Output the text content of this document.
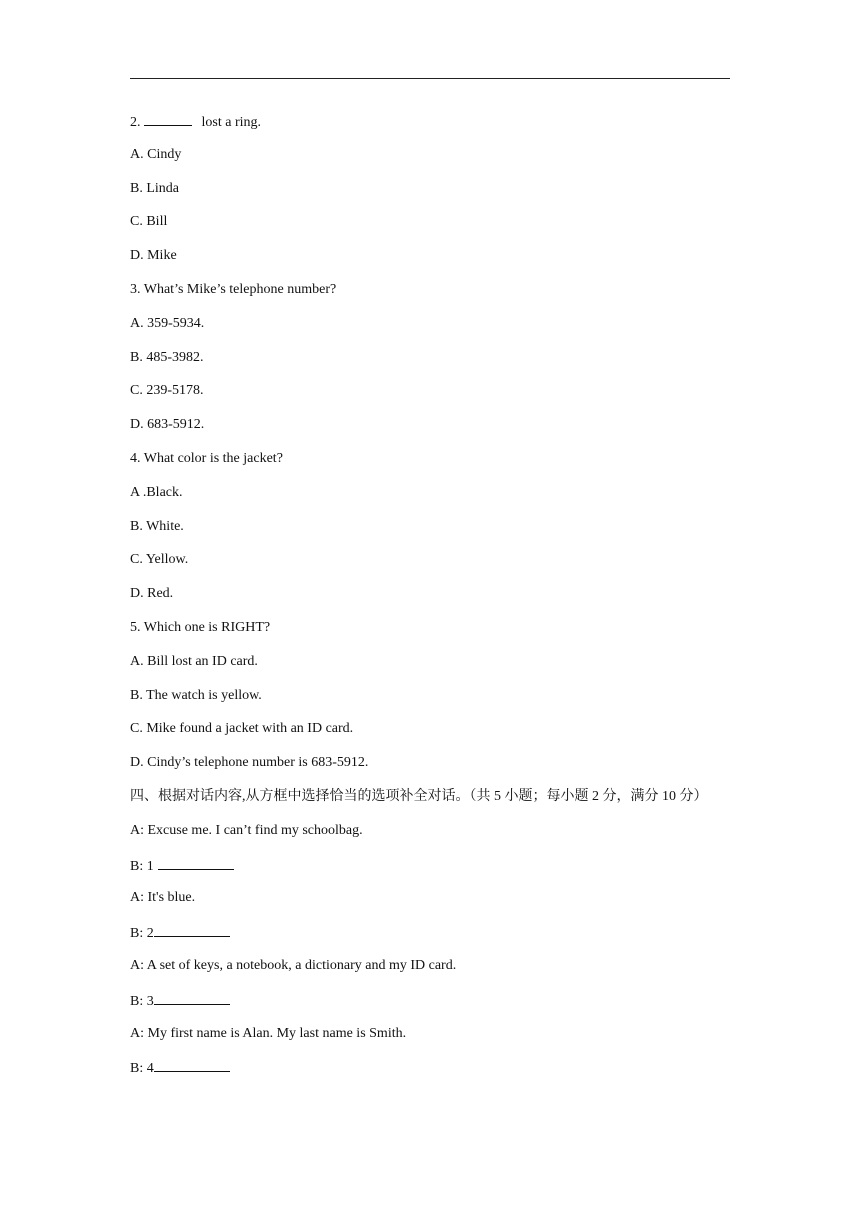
2.	lost a ring.
A. Cindy
B. Linda
C. Bill
D. Mike
3. What’s Mike’s telephone number?
A. 359-5934.
B. 485-3982.
C. 239-5178.
D. 683-5912.
4. What color is the jacket?
A .Black.
B. White.
C. Yellow.
D. Red.
5. Which one is RIGHT?
A. Bill lost an ID card.
B. The watch is yellow.
C. Mike found a jacket with an ID card.
D. Cindy’s telephone number is 683-5912.
四、根据对话内容,从方框中选择恰当的选项补全对话。（共 5 小题；每小题 2 分，满分 10 分）
A: Excuse me. I can’t find my schoolbag.
B: 1
A: It's blue.
B: 2
A: A set of keys, a notebook, a dictionary and my ID card.
B: 3
A: My first name is Alan. My last name is Smith.
B: 4
